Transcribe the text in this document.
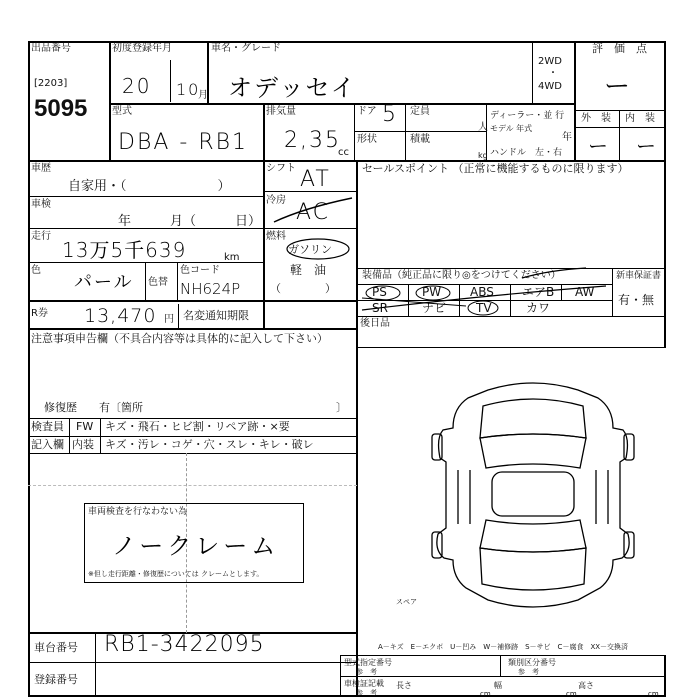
出品番号
[2203]
5095
初度登録年月
20 10
月
車名・グレード
オデッセイ
2WD
・
4WD
評　価　点
ー
型式
DBA - RB1
排気量
2,35
cc
ドア 5 定員
形状	積載
人
kg
ディーラー・並 行
モデル 年式
年
ハンドル　左・右
外　装 内　装
ー ー
車歴
自家用・（　　　　　　　）
シフト AT	セールスポイント （正常に機能するものに限ります）
車検
年　　　月（　　　日）
冷房 AC
走行
13万5千639	km
燃料
ガソリン
軽　油
（　　　　）
色
パール 色替
色コード
NH624P
R券 13,470 円 名変通知期限
装備品（純正品に限り◎をつけてください）
PS	PW ABS エアB AW
SR	ナビ TV	カワ
新車保証書
有・無
後日品
注意事項申告欄（不具合内容等は具体的に記入して下さい）
修復歴　　有〔箇所	〕
検査員
記入欄
FW キズ・飛石・ヒビ割・リペア跡・×要
内装 キズ・汚レ・コゲ・穴・スレ・キレ・破レ
車両検査を行なわない為
ノークレーム
※但し走行距離・修復歴については クレームとします。
スペア
A－キズ　E－エクボ　U－凹み　W－補修跡　S－サビ　C－腐食　XX－交換済
車台番号 RB1-3422095
登録番号
型式指定番号
参　考
類別区分番号
参　考
車検証記載
参　考
長さ
cm
幅
cm
高さ
cm
